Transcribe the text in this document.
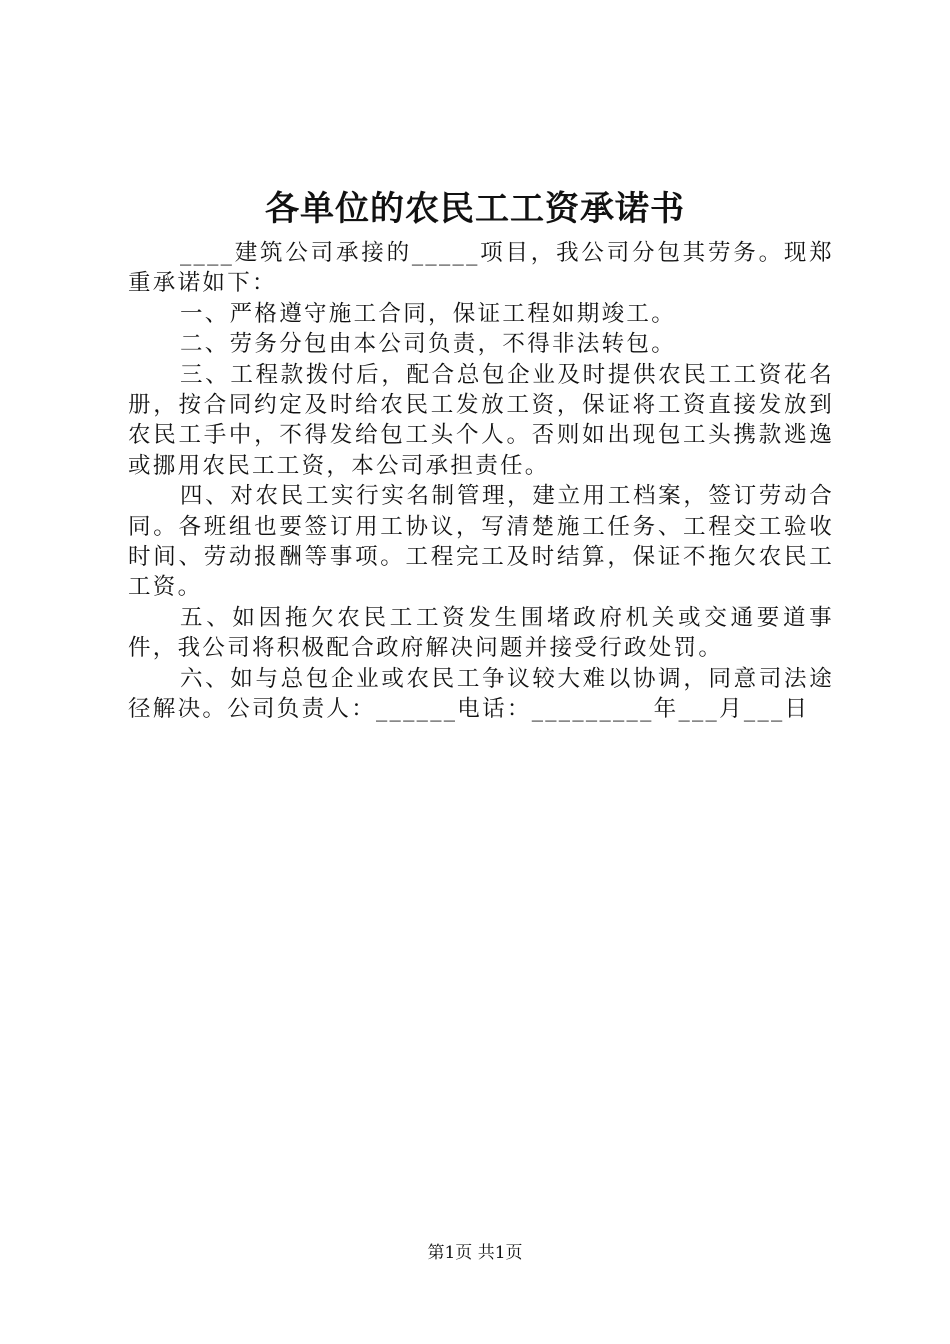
各单位的农民工工资承诺书

____建筑公司承接的_____项目，我公司分包其劳务。现郑重承诺如下：

一、严格遵守施工合同，保证工程如期竣工。

二、劳务分包由本公司负责，不得非法转包。

三、工程款拨付后，配合总包企业及时提供农民工工资花名册，按合同约定及时给农民工发放工资，保证将工资直接发放到农民工手中，不得发给包工头个人。否则如出现包工头携款逃逸或挪用农民工工资，本公司承担责任。

四、对农民工实行实名制管理，建立用工档案，签订劳动合同。各班组也要签订用工协议，写清楚施工任务、工程交工验收时间、劳动报酬等事项。工程完工及时结算，保证不拖欠农民工工资。

五、如因拖欠农民工工资发生围堵政府机关或交通要道事件，我公司将积极配合政府解决问题并接受行政处罚。

六、如与总包企业或农民工争议较大难以协调，同意司法途径解决。公司负责人：______电话：_________年___月___日

第1页 共1页
